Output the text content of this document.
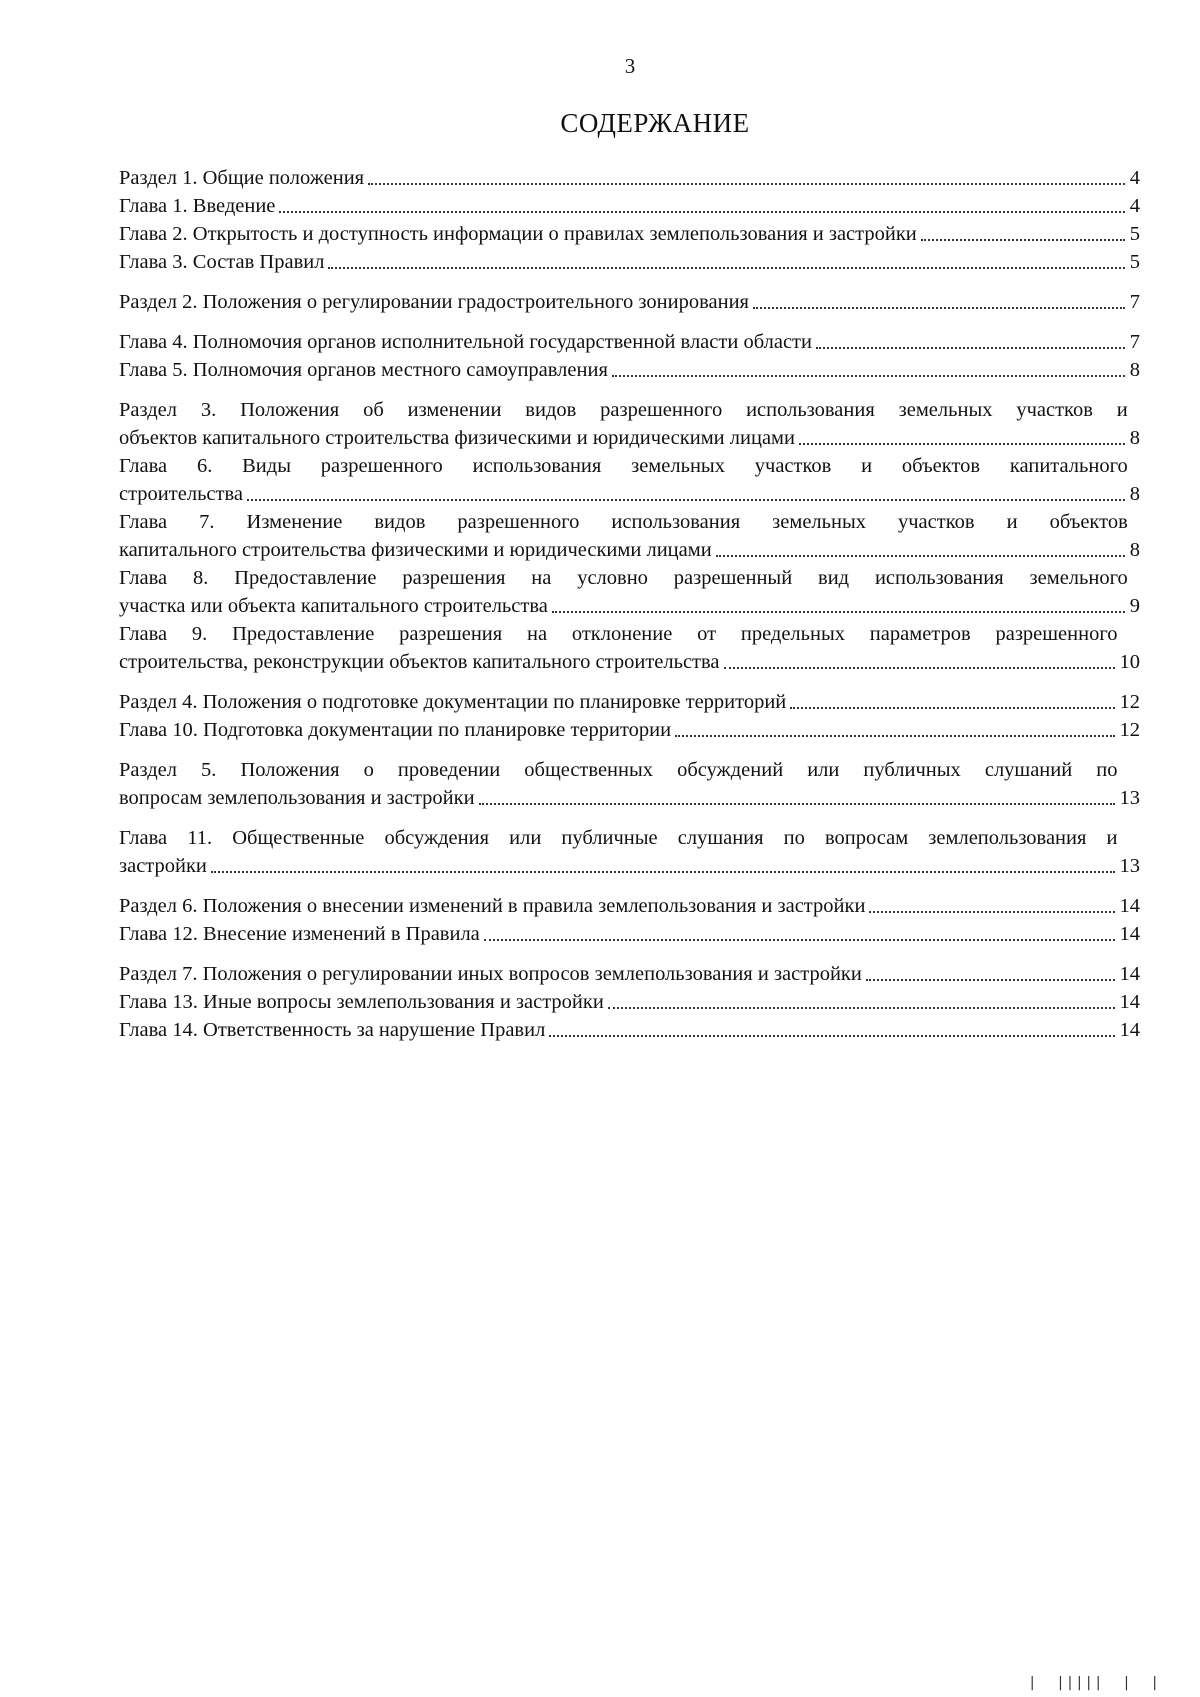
3
СОДЕРЖАНИЕ
Раздел 1. Общие положения	4
Глава 1. Введение	4
Глава 2. Открытость и доступность информации о правилах землепользования и застройки	5
Глава 3. Состав Правил	5
Раздел 2. Положения о регулировании градостроительного зонирования	7
Глава 4. Полномочия органов исполнительной государственной власти области	7
Глава 5. Полномочия органов местного самоуправления	8
Раздел 3. Положения об изменении видов разрешенного использования земельных участков и
объектов капитального строительства физическими и юридическими лицами	8
Глава 6. Виды разрешенного использования земельных участков и объектов капитального
строительства	8
Глава 7. Изменение видов разрешенного использования земельных участков и объектов
капитального строительства физическими и юридическими лицами	8
Глава 8. Предоставление разрешения на условно разрешенный вид использования земельного
участка или объекта капитального строительства	9
Глава 9. Предоставление разрешения на отклонение от предельных параметров разрешенного
строительства, реконструкции объектов капитального строительства	10
Раздел 4. Положения о подготовке документации по планировке территорий	12
Глава 10. Подготовка документации по планировке территории	12
Раздел 5. Положения о проведении общественных обсуждений или публичных слушаний по
вопросам землепользования и застройки	13
Глава 11. Общественные обсуждения или публичные слушания по вопросам землепользования и
застройки	13
Раздел 6. Положения о внесении изменений в правила землепользования и застройки	14
Глава 12. Внесение изменений в Правила	14
Раздел 7. Положения о регулировании иных вопросов землепользования и застройки	14
Глава 13. Иные вопросы землепользования и застройки	14
Глава 14. Ответственность за нарушение Правил	14
|  |||||  |  |
